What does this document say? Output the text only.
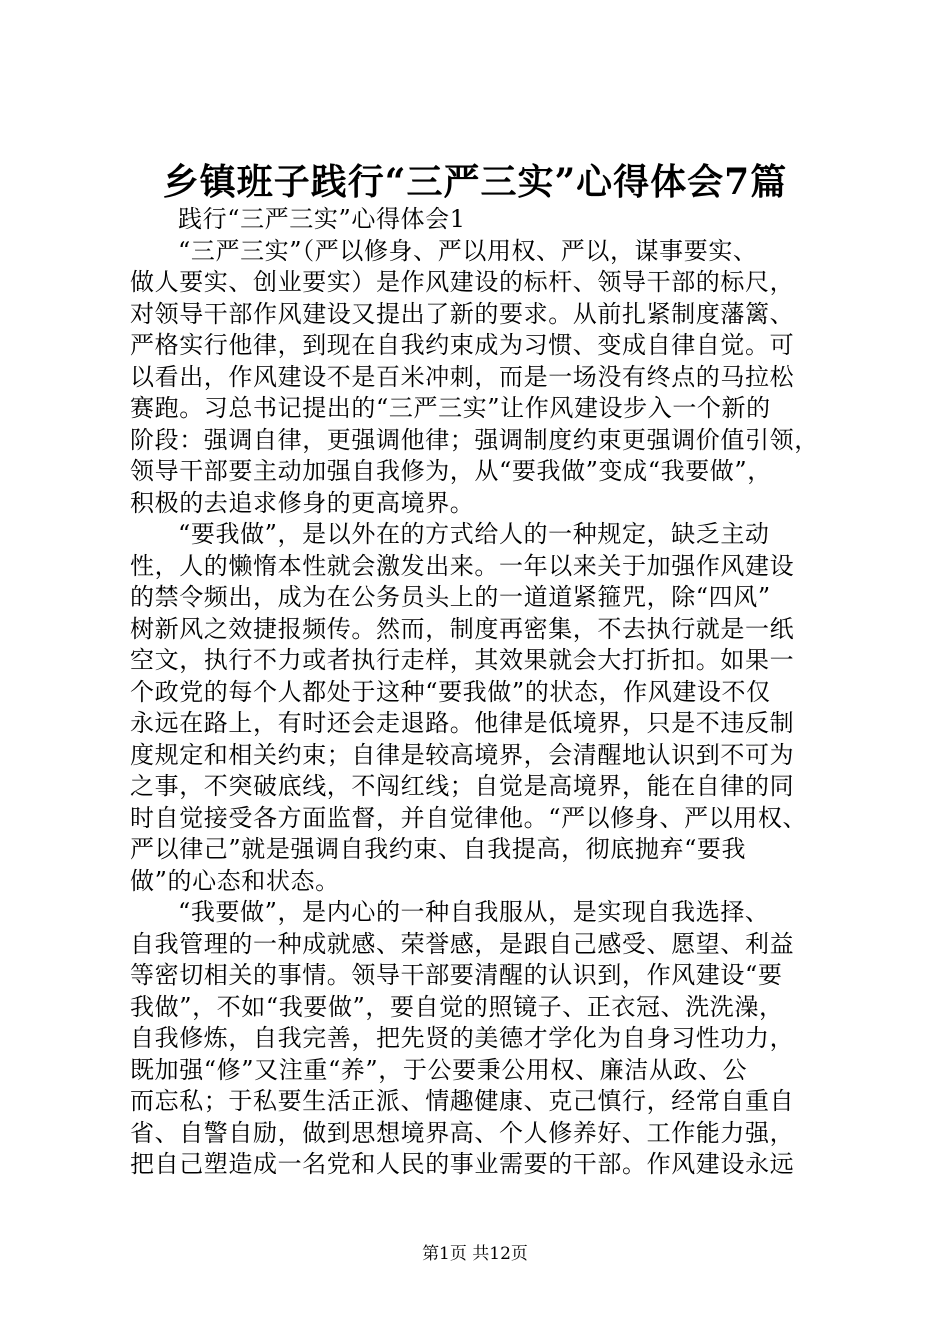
乡镇班子践行“三严三实”心得体会7篇
践行“三严三实”心得体会1
“三严三实”（严以修身、严以用权、严以，谋事要实、
做人要实、创业要实）是作风建设的标杆、领导干部的标尺，
对领导干部作风建设又提出了新的要求。从前扎紧制度藩篱、
严格实行他律，到现在自我约束成为习惯、变成自律自觉。可
以看出，作风建设不是百米冲刺，而是一场没有终点的马拉松
赛跑。习总书记提出的“三严三实”让作风建设步入一个新的
阶段：强调自律，更强调他律；强调制度约束更强调价值引领，
领导干部要主动加强自我修为，从“要我做”变成“我要做”，
积极的去追求修身的更高境界。
“要我做”，是以外在的方式给人的一种规定，缺乏主动
性，人的懒惰本性就会激发出来。一年以来关于加强作风建设
的禁令频出，成为在公务员头上的一道道紧箍咒，除“四风”
树新风之效捷报频传。然而，制度再密集，不去执行就是一纸
空文，执行不力或者执行走样，其效果就会大打折扣。如果一
个政党的每个人都处于这种“要我做”的状态，作风建设不仅
永远在路上，有时还会走退路。他律是低境界，只是不违反制
度规定和相关约束；自律是较高境界，会清醒地认识到不可为
之事，不突破底线，不闯红线；自觉是高境界，能在自律的同
时自觉接受各方面监督，并自觉律他。“严以修身、严以用权、
严以律己”就是强调自我约束、自我提高，彻底抛弃“要我
做”的心态和状态。
“我要做”，是内心的一种自我服从，是实现自我选择、
自我管理的一种成就感、荣誉感，是跟自己感受、愿望、利益
等密切相关的事情。领导干部要清醒的认识到，作风建设“要
我做”，不如“我要做”，要自觉的照镜子、正衣冠、洗洗澡，
自我修炼，自我完善，把先贤的美德才学化为自身习性功力，
既加强“修”又注重“养”，于公要秉公用权、廉洁从政、公
而忘私；于私要生活正派、情趣健康、克己慎行，经常自重自
省、自警自励，做到思想境界高、个人修养好、工作能力强，
把自己塑造成一名党和人民的事业需要的干部。作风建设永远
第1页 共12页
